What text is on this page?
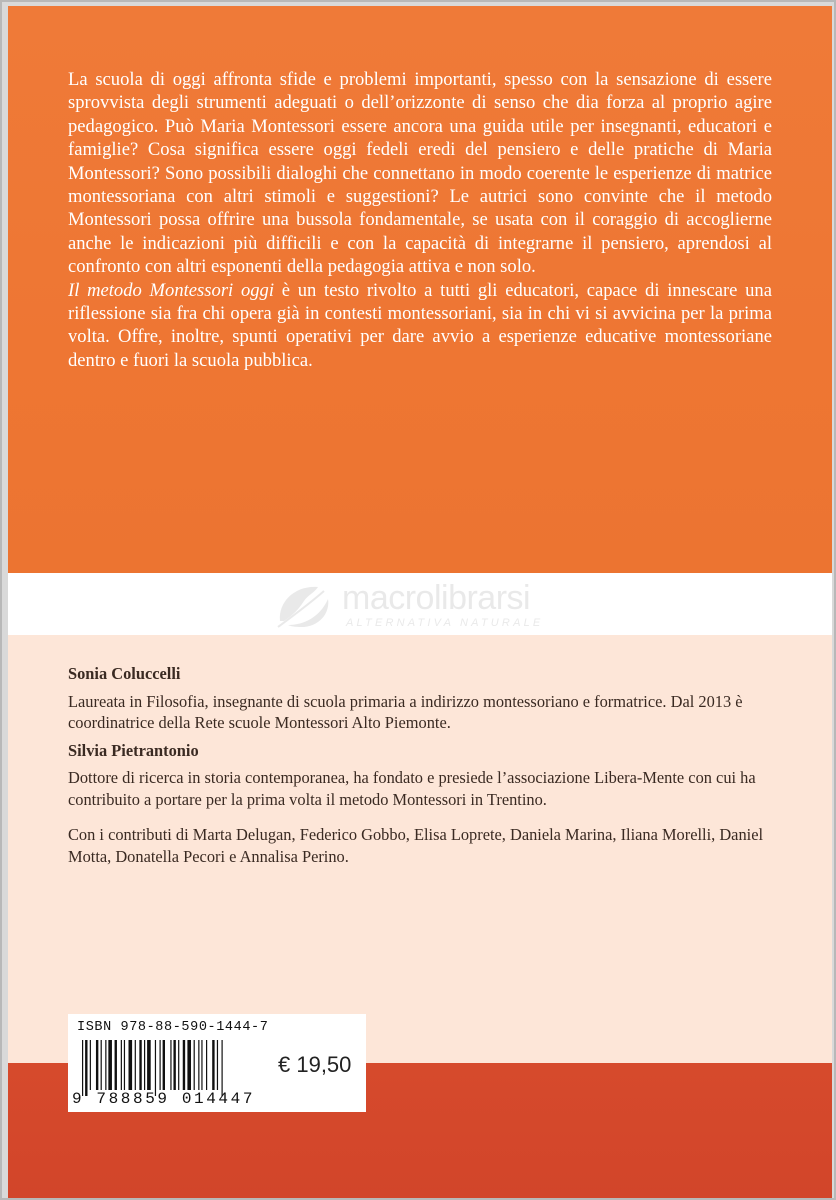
La scuola di oggi affronta sfide e problemi importanti, spesso con la sensazione di essere sprovvista degli strumenti adeguati o dell’orizzonte di senso che dia forza al proprio agire pedagogico. Può Maria Montessori essere ancora una guida utile per insegnanti, educatori e famiglie? Cosa significa essere oggi fedeli eredi del pensiero e delle pratiche di Maria Montessori? Sono possibili dialoghi che connettano in modo coerente le esperienze di matrice montessoriana con altri stimoli e suggestioni? Le autrici sono convinte che il metodo Montessori possa offrire una bussola fondamentale, se usata con il coraggio di accoglierne anche le indicazioni più difficili e con la capacità di integrarne il pensiero, aprendosi al confronto con altri esponenti della pedagogia attiva e non solo.

Il metodo Montessori oggi è un testo rivolto a tutti gli educatori, capace di innescare una riflessione sia fra chi opera già in contesti montessoriani, sia in chi vi si avvicina per la prima volta. Offre, inoltre, spunti operativi per dare avvio a esperienze educative montessoriane dentro e fuori la scuola pubblica.

macrolibrarsi
ALTERNATIVA NATURALE
Sonia Coluccelli
Laureata in Filosofia, insegnante di scuola primaria a indirizzo montessoriano e formatrice. Dal 2013 è coordinatrice della Rete scuole Montessori Alto Piemonte.
Silvia Pietrantonio
Dottore di ricerca in storia contemporanea, ha fondato e presiede l’associazione Libera-Mente con cui ha contribuito a portare per la prima volta il metodo Montessori in Trentino.
Con i contributi di Marta Delugan, Federico Gobbo, Elisa Loprete, Daniela Marina, Iliana Morelli, Daniel Motta, Donatella Pecori e Annalisa Perino.
ISBN 978-88-590-1444-7
9 788859 014447
€ 19,50
